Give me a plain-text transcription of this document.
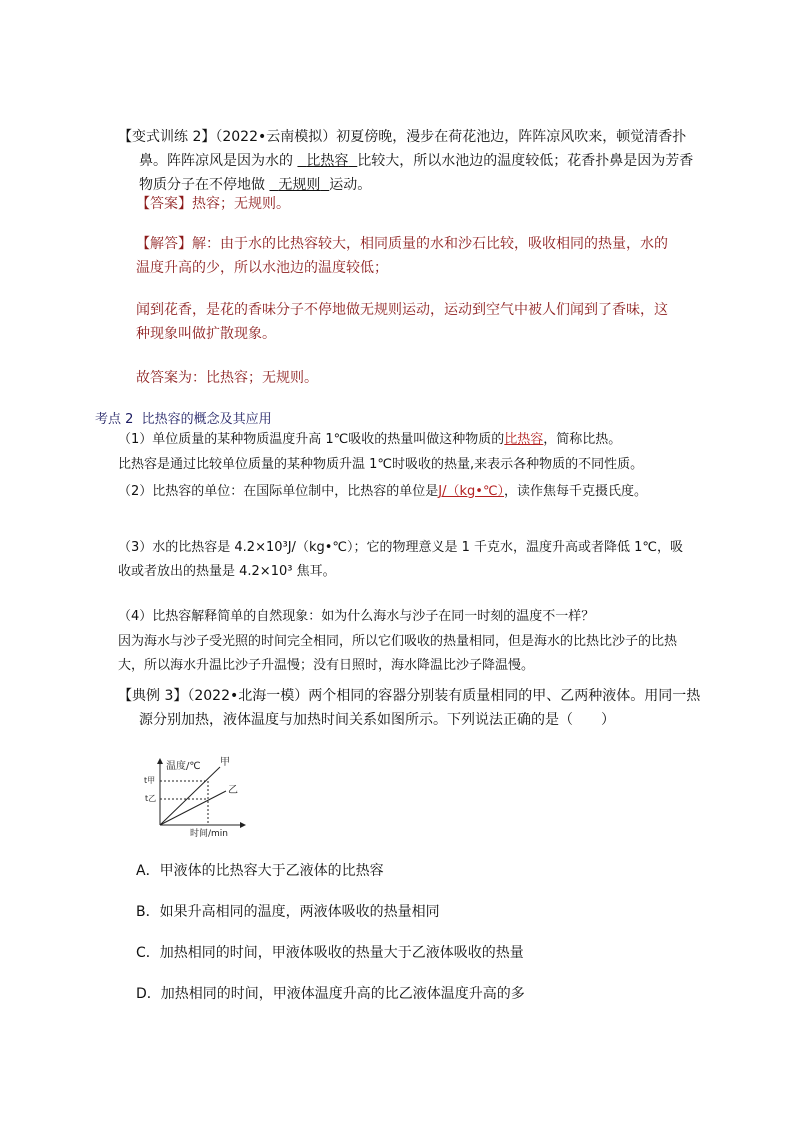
【变式训练 2】（2022•云南模拟）初夏傍晚，漫步在荷花池边，阵阵凉风吹来，顿觉清香扑鼻。阵阵凉风是因为水的 比热容 比较大，所以水池边的温度较低；花香扑鼻是因为芳香物质分子在不停地做 无规则 运动。
【答案】热容；无规则。
【解答】解：由于水的比热容较大，相同质量的水和沙石比较，吸收相同的热量，水的温度升高的少，所以水池边的温度较低；
闻到花香，是花的香味分子不停地做无规则运动，运动到空气中被人们闻到了香味，这种现象叫做扩散现象。
故答案为：比热容；无规则。
考点 2 比热容的概念及其应用
（1）单位质量的某种物质温度升高 1℃吸收的热量叫做这种物质的比热容，简称比热。
比热容是通过比较单位质量的某种物质升温 1℃时吸收的热量,来表示各种物质的不同性质。
（2）比热容的单位：在国际单位制中，比热容的单位是J/（kg•℃），读作焦每千克摄氏度。
（3）水的比热容是 4.2×10³J/（kg•℃）；它的物理意义是 1 千克水，温度升高或者降低 1℃，吸收或者放出的热量是 4.2×10³ 焦耳。
（4）比热容解释简单的自然现象：如为什么海水与沙子在同一时刻的温度不一样？
因为海水与沙子受光照的时间完全相同，所以它们吸收的热量相同，但是海水的比热比沙子的比热大，所以海水升温比沙子升温慢；没有日照时，海水降温比沙子降温慢。
【典例 3】（2022•北海一模）两个相同的容器分别装有质量相同的甲、乙两种液体。用同一热源分别加热，液体温度与加热时间关系如图所示。下列说法正确的是（　　）
温度/℃
时间/min
t甲
t乙
甲
乙
A．甲液体的比热容大于乙液体的比热容
B．如果升高相同的温度，两液体吸收的热量相同
C．加热相同的时间，甲液体吸收的热量大于乙液体吸收的热量
D．加热相同的时间，甲液体温度升高的比乙液体温度升高的多
